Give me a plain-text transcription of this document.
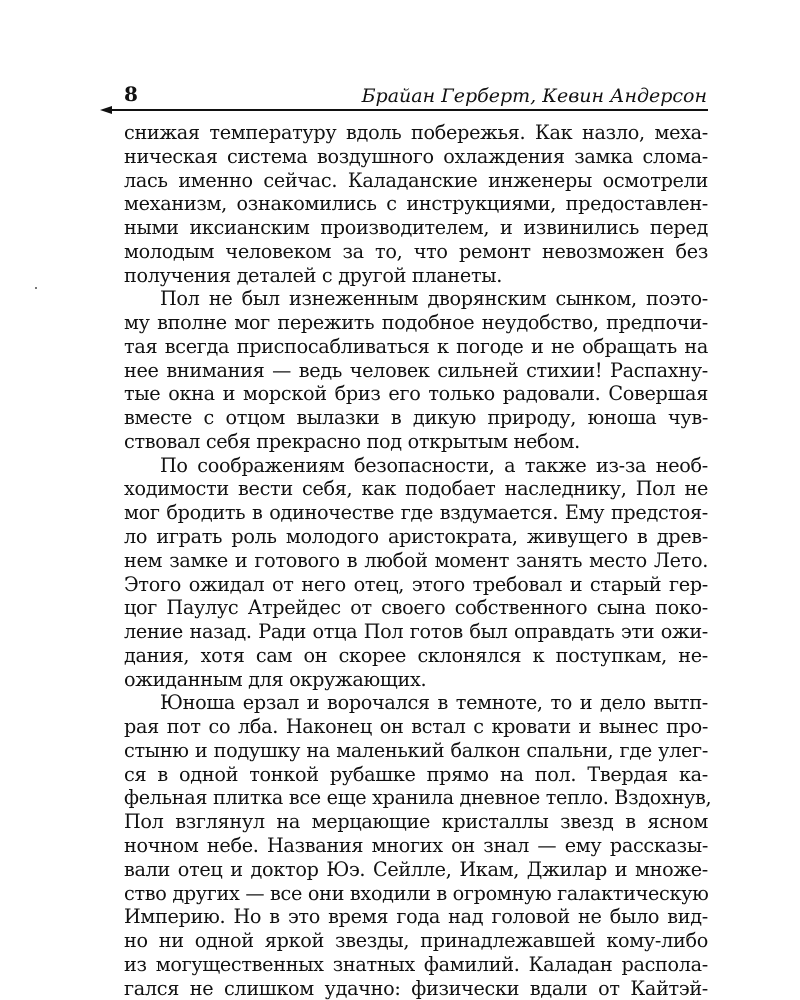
8	Брайан Герберт, Кевин Андерсон
снижая температуру вдоль побережья. Как назло, меха-
ническая система воздушного охлаждения замка слома-
лась именно сейчас. Каладанские инженеры осмотрели
механизм, ознакомились с инструкциями, предоставлен-
ными иксианским производителем, и извинились перед
молодым человеком за то, что ремонт невозможен без
получения деталей с другой планеты.
Пол не был изнеженным дворянским сынком, поэто-
му вполне мог пережить подобное неудобство, предпочи-
тая всегда приспосабливаться к погоде и не обращать на
нее внимания — ведь человек сильней стихии! Распахну-
тые окна и морской бриз его только радовали. Совершая
вместе с отцом вылазки в дикую природу, юноша чув-
ствовал себя прекрасно под открытым небом.
По соображениям безопасности, а также из-за необ-
ходимости вести себя, как подобает наследнику, Пол не
мог бродить в одиночестве где вздумается. Ему предстоя-
ло играть роль молодого аристократа, живущего в древ-
нем замке и готового в любой момент занять место Лето.
Этого ожидал от него отец, этого требовал и старый гер-
цог Паулус Атрейдес от своего собственного сына поко-
ление назад. Ради отца Пол готов был оправдать эти ожи-
дания, хотя сам он скорее склонялся к поступкам, не-
ожиданным для окружающих.
Юноша ерзал и ворочался в темноте, то и дело вытп-
рая пот со лба. Наконец он встал с кровати и вынес про-
стыню и подушку на маленький балкон спальни, где улег-
ся в одной тонкой рубашке прямо на пол. Твердая ка-
фельная плитка все еще хранила дневное тепло. Вздохнув,
Пол взглянул на мерцающие кристаллы звезд в ясном
ночном небе. Названия многих он знал — ему рассказы-
вали отец и доктор Юэ. Сейлле, Икам, Джилар и множе-
ство других — все они входили в огромную галактическую
Империю. Но в это время года над головой не было вид-
но ни одной яркой звезды, принадлежавшей кому-либо
из могущественных знатных фамилий. Каладан распола-
гался не слишком удачно: физически вдали от Кайтэй-
